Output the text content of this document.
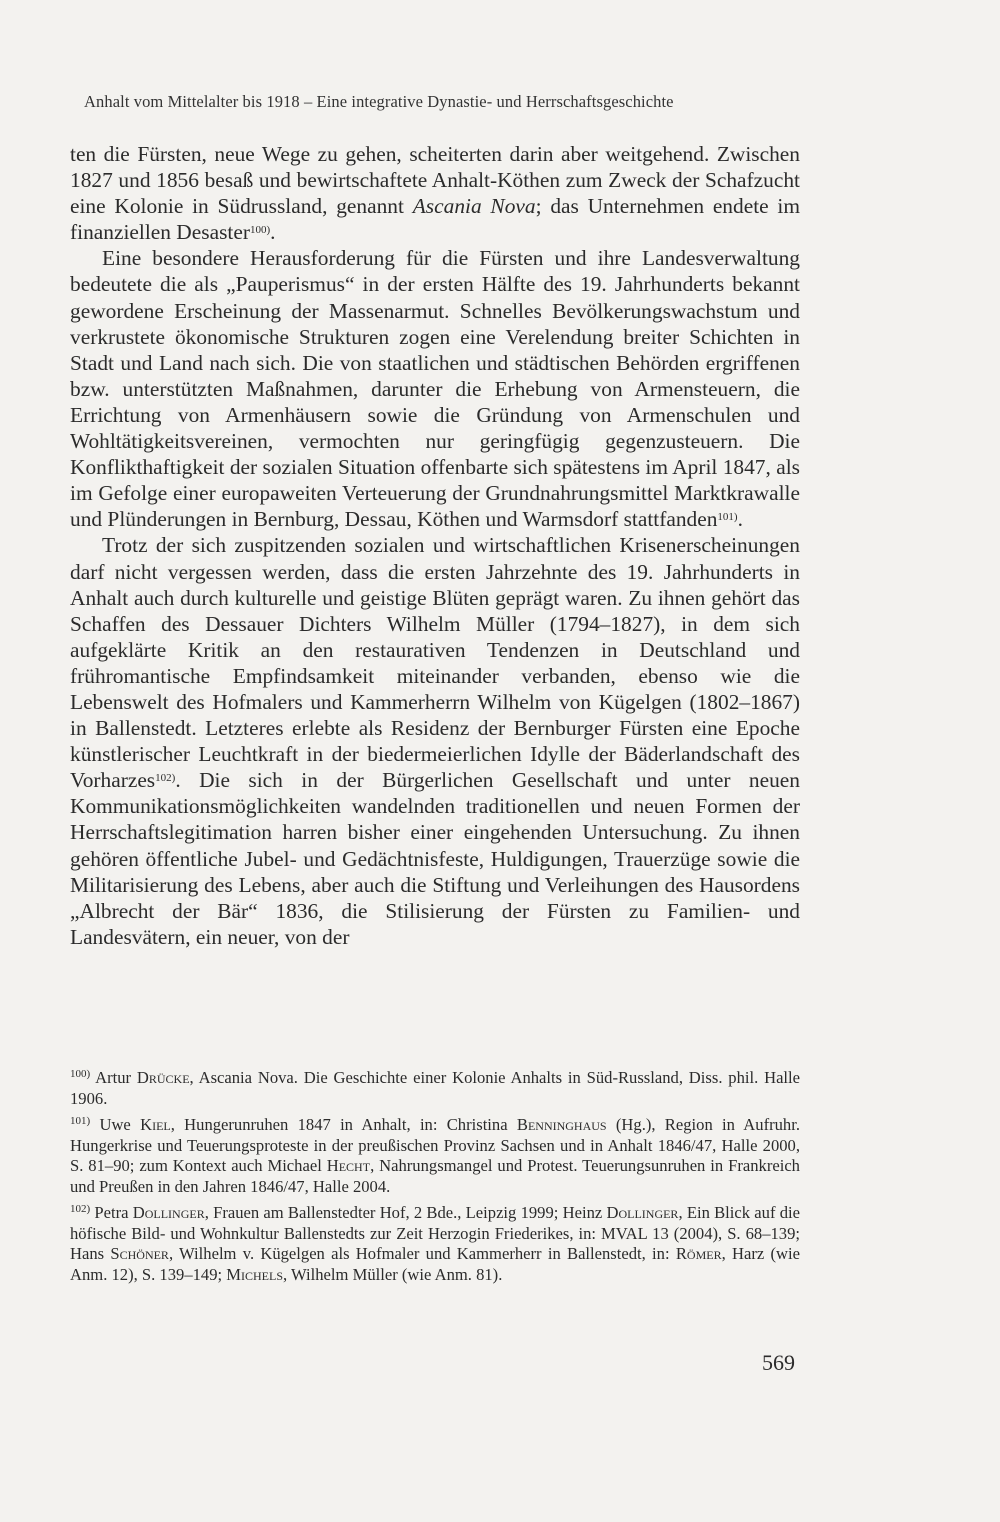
Anhalt vom Mittelalter bis 1918 – Eine integrative Dynastie- und Herrschaftsgeschichte

ten die Fürsten, neue Wege zu gehen, scheiterten darin aber weitgehend. Zwischen 1827 und 1856 besaß und bewirtschaftete Anhalt-Köthen zum Zweck der Schafzucht eine Kolonie in Südrussland, genannt Ascania Nova; das Unternehmen endete im finanziellen Desaster$^{100)}$.

Eine besondere Herausforderung für die Fürsten und ihre Landesverwaltung bedeutete die als „Pauperismus“ in der ersten Hälfte des 19. Jahrhunderts bekannt gewordene Erscheinung der Massenarmut. Schnelles Bevölkerungswachstum und verkrustete ökonomische Strukturen zogen eine Verelendung breiter Schichten in Stadt und Land nach sich. Die von staatlichen und städtischen Behörden ergriffenen bzw. unterstützten Maßnahmen, darunter die Erhebung von Armensteuern, die Errichtung von Armenhäusern sowie die Gründung von Armenschulen und Wohltätigkeitsvereinen, vermochten nur geringfügig gegenzusteuern. Die Konflikthaftigkeit der sozialen Situation offenbarte sich spätestens im April 1847, als im Gefolge einer europaweiten Verteuerung der Grundnahrungsmittel Marktkrawalle und Plünderungen in Bernburg, Dessau, Köthen und Warmsdorf stattfanden$^{101)}$.

Trotz der sich zuspitzenden sozialen und wirtschaftlichen Krisenerscheinungen darf nicht vergessen werden, dass die ersten Jahrzehnte des 19. Jahrhunderts in Anhalt auch durch kulturelle und geistige Blüten geprägt waren. Zu ihnen gehört das Schaffen des Dessauer Dichters Wilhelm Müller (1794–1827), in dem sich aufgeklärte Kritik an den restaurativen Tendenzen in Deutschland und frühromantische Empfindsamkeit miteinander verbanden, ebenso wie die Lebenswelt des Hofmalers und Kammerherrn Wilhelm von Kügelgen (1802–1867) in Ballenstedt. Letzteres erlebte als Residenz der Bernburger Fürsten eine Epoche künstlerischer Leuchtkraft in der biedermeierlichen Idylle der Bäderlandschaft des Vorharzes$^{102)}$. Die sich in der Bürgerlichen Gesellschaft und unter neuen Kommunikationsmöglichkeiten wandelnden traditionellen und neuen Formen der Herrschaftslegitimation harren bisher einer eingehenden Untersuchung. Zu ihnen gehören öffentliche Jubel- und Gedächtnisfeste, Huldigungen, Trauerzüge sowie die Militarisierung des Lebens, aber auch die Stiftung und Verleihungen des Hausordens „Albrecht der Bär“ 1836, die Stilisierung der Fürsten zu Familien- und Landesvätern, ein neuer, von der

$^{100)}$ Artur Drücke, Ascania Nova. Die Geschichte einer Kolonie Anhalts in Süd-Russland, Diss. phil. Halle 1906.

$^{101)}$ Uwe Kiel, Hungerunruhen 1847 in Anhalt, in: Christina Benninghaus (Hg.), Region in Aufruhr. Hungerkrise und Teuerungsproteste in der preußischen Provinz Sachsen und in Anhalt 1846/47, Halle 2000, S. 81–90; zum Kontext auch Michael Hecht, Nahrungsmangel und Protest. Teuerungsunruhen in Frankreich und Preußen in den Jahren 1846/47, Halle 2004.

$^{102)}$ Petra Dollinger, Frauen am Ballenstedter Hof, 2 Bde., Leipzig 1999; Heinz Dollinger, Ein Blick auf die höfische Bild- und Wohnkultur Ballenstedts zur Zeit Herzogin Friederikes, in: MVAL 13 (2004), S. 68–139; Hans Schöner, Wilhelm v. Kügelgen als Hofmaler und Kammerherr in Ballenstedt, in: Römer, Harz (wie Anm. 12), S. 139–149; Michels, Wilhelm Müller (wie Anm. 81).

569
